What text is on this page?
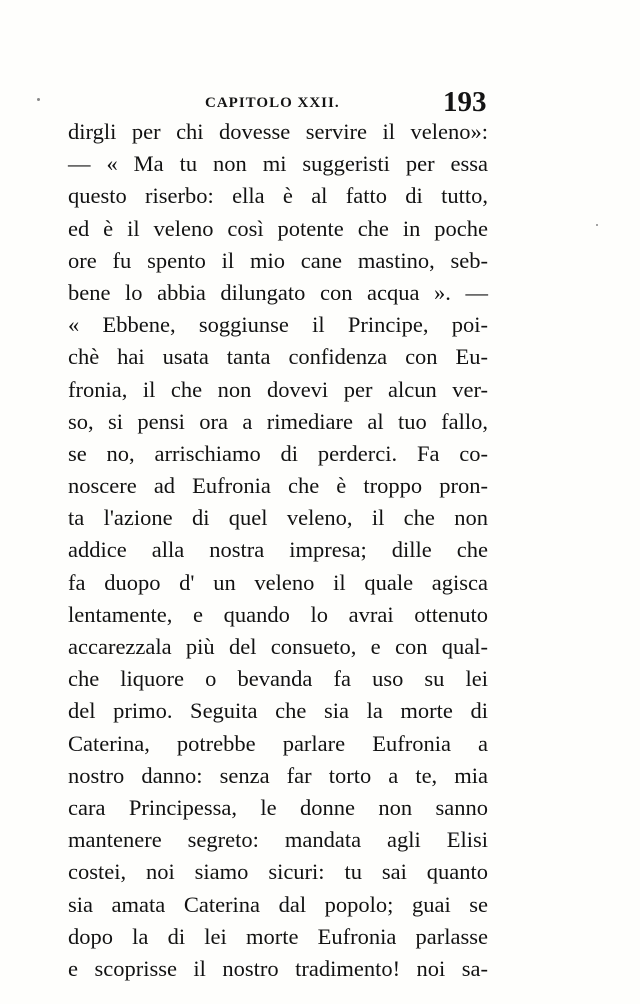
CAPITOLO XXII.	193
dirgli per chi dovesse servire il veleno»:
— « Ma tu non mi suggeristi per essa
questo riserbo: ella è al fatto di tutto,
ed è il veleno così potente che in poche
ore fu spento il mio cane mastino, seb-
bene lo abbia dilungato con acqua ». —
« Ebbene, soggiunse il Principe, poi-
chè hai usata tanta confidenza con Eu-
fronia, il che non dovevi per alcun ver-
so, si pensi ora a rimediare al tuo fallo,
se no, arrischiamo di perderci. Fa co-
noscere ad Eufronia che è troppo pron-
ta l'azione di quel veleno, il che non
addice alla nostra impresa; dille che
fa duopo d' un veleno il quale agisca
lentamente, e quando lo avrai ottenuto
accarezzala più del consueto, e con qual-
che liquore o bevanda fa uso su lei
del primo. Seguita che sia la morte di
Caterina, potrebbe parlare Eufronia a
nostro danno: senza far torto a te, mia
cara Principessa, le donne non sanno
mantenere segreto: mandata agli Elisi
costei, noi siamo sicuri: tu sai quanto
sia amata Caterina dal popolo; guai se
dopo la di lei morte Eufronia parlasse
e scoprisse il nostro tradimento! noi sa-
